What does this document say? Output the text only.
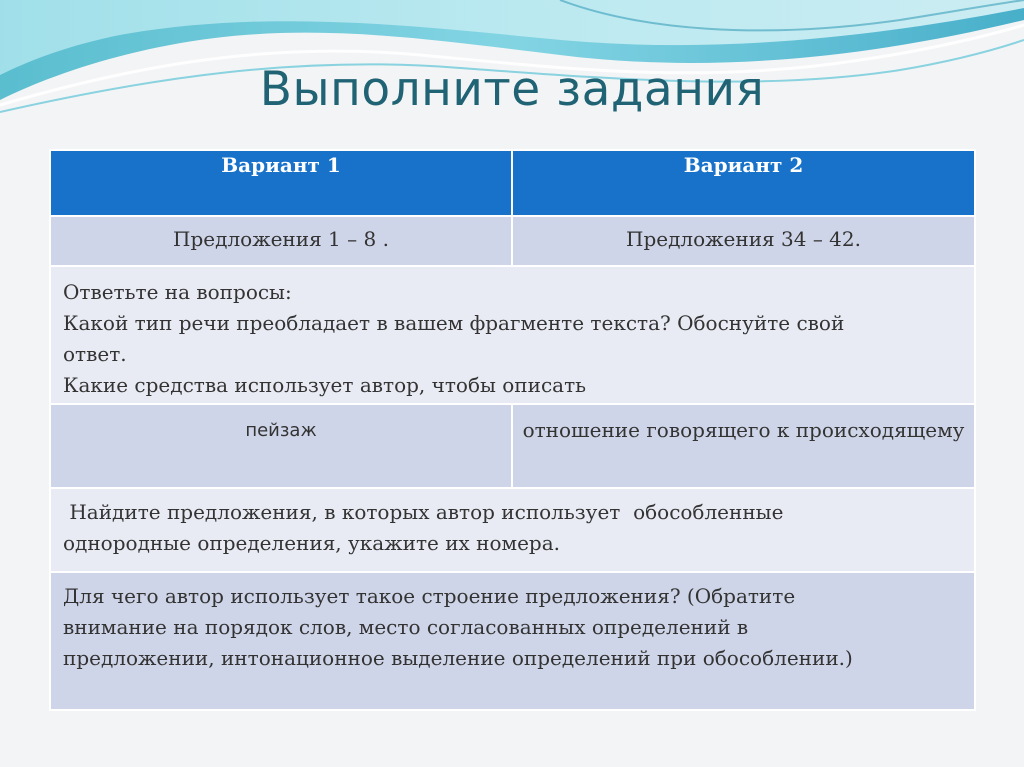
Выполните задания
Вариант 1	Вариант 2
Предложения 1 – 8 .	Предложения 34 – 42.

Ответьте на вопросы:
Какой тип речи преобладает в вашем фрагменте текста? Обоснуйте свой
ответ.
Какие средства использует автор, чтобы описать	

пейзаж	отношение говорящего к происходящему

Найдите предложения, в которых автор использует  обособленные
однородные определения, укажите их номера.	

Для чего автор использует такое строение предложения? (Обратите
внимание на порядок слов, место согласованных определений в
предложении, интонационное выделение определений при обособлении.)	
